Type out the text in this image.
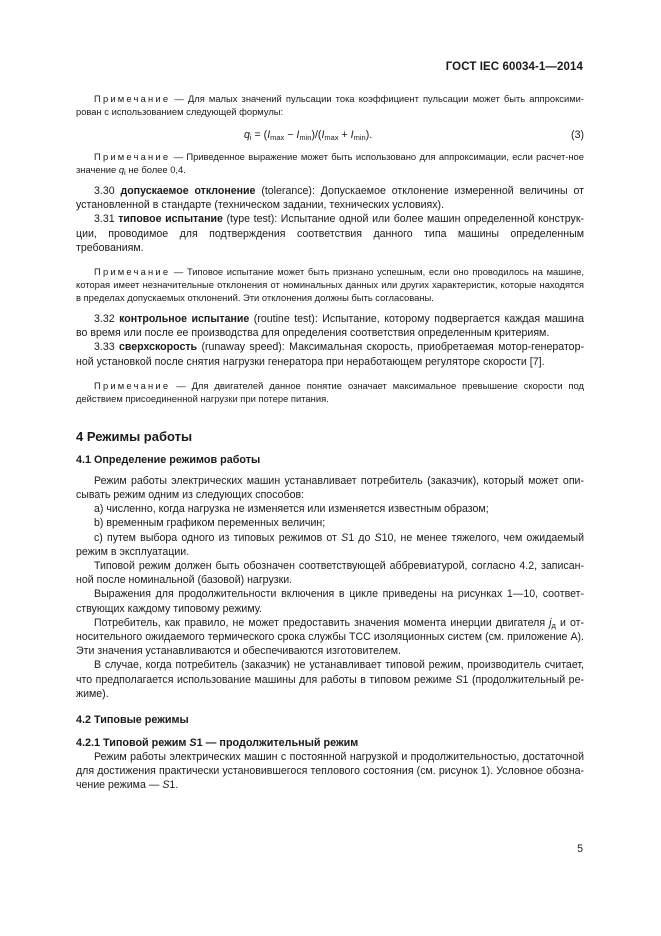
ГОСТ IEC 60034-1—2014

Примечание — Для малых значений пульсации тока коэффициент пульсации может быть аппроксими-рован с использованием следующей формулы:

$q_i = (I_{max} - I_{min})/(I_{max} + I_{min})$.	(3)

Примечание — Приведенное выражение может быть использовано для аппроксимации, если расчет-ное значение $q_i$ не более 0,4.

3.30 допускаемое отклонение (tolerance): Допускаемое отклонение измеренной величины от установленной в стандарте (техническом задании, технических условиях).

3.31 типовое испытание (type test): Испытание одной или более машин определенной конструк-ции, проводимое для подтверждения соответствия данного типа машины определенным требованиям.

Примечание — Типовое испытание может быть признано успешным, если оно проводилось на машине, которая имеет незначительные отклонения от номинальных данных или других характеристик, которые находятся в пределах допускаемых отклонений. Эти отклонения должны быть согласованы.

3.32 контрольное испытание (routine test): Испытание, которому подвергается каждая машина во время или после ее производства для определения соответствия определенным критериям.

3.33 сверхскорость (runaway speed): Максимальная скорость, приобретаемая мотор-генератор-ной установкой после снятия нагрузки генератора при неработающем регуляторе скорости [7].

Примечание — Для двигателей данное понятие означает максимальное превышение скорости под действием присоединенной нагрузки при потере питания.

4 Режимы работы
4.1 Определение режимов работы

Режим работы электрических машин устанавливает потребитель (заказчик), который может опи-сывать режим одним из следующих способов:

а) численно, когда нагрузка не изменяется или изменяется известным образом;

b) временным графиком переменных величин;

с) путем выбора одного из типовых режимов от S1 до S10, не менее тяжелого, чем ожидаемый режим в эксплуатации.

Типовой режим должен быть обозначен соответствующей аббревиатурой, согласно 4.2, записан-ной после номинальной (базовой) нагрузки.

Выражения для продолжительности включения в цикле приведены на рисунках 1—10, соответ-ствующих каждому типовому режиму.

Потребитель, как правило, не может предоставить значения момента инерции двигателя $j_д$ и от-носительного ожидаемого термического срока службы ТСС изоляционных систем (см. приложение А). Эти значения устанавливаются и обеспечиваются изготовителем.

В случае, когда потребитель (заказчик) не устанавливает типовой режим, производитель считает, что предполагается использование машины для работы в типовом режиме S1 (продолжительный ре-жиме).

4.2 Типовые режимы
4.2.1 Типовой режим S1 — продолжительный режим

Режим работы электрических машин с постоянной нагрузкой и продолжительностью, достаточной для достижения практически установившегося теплового состояния (см. рисунок 1). Условное обозна-чение режима — S1.

5
